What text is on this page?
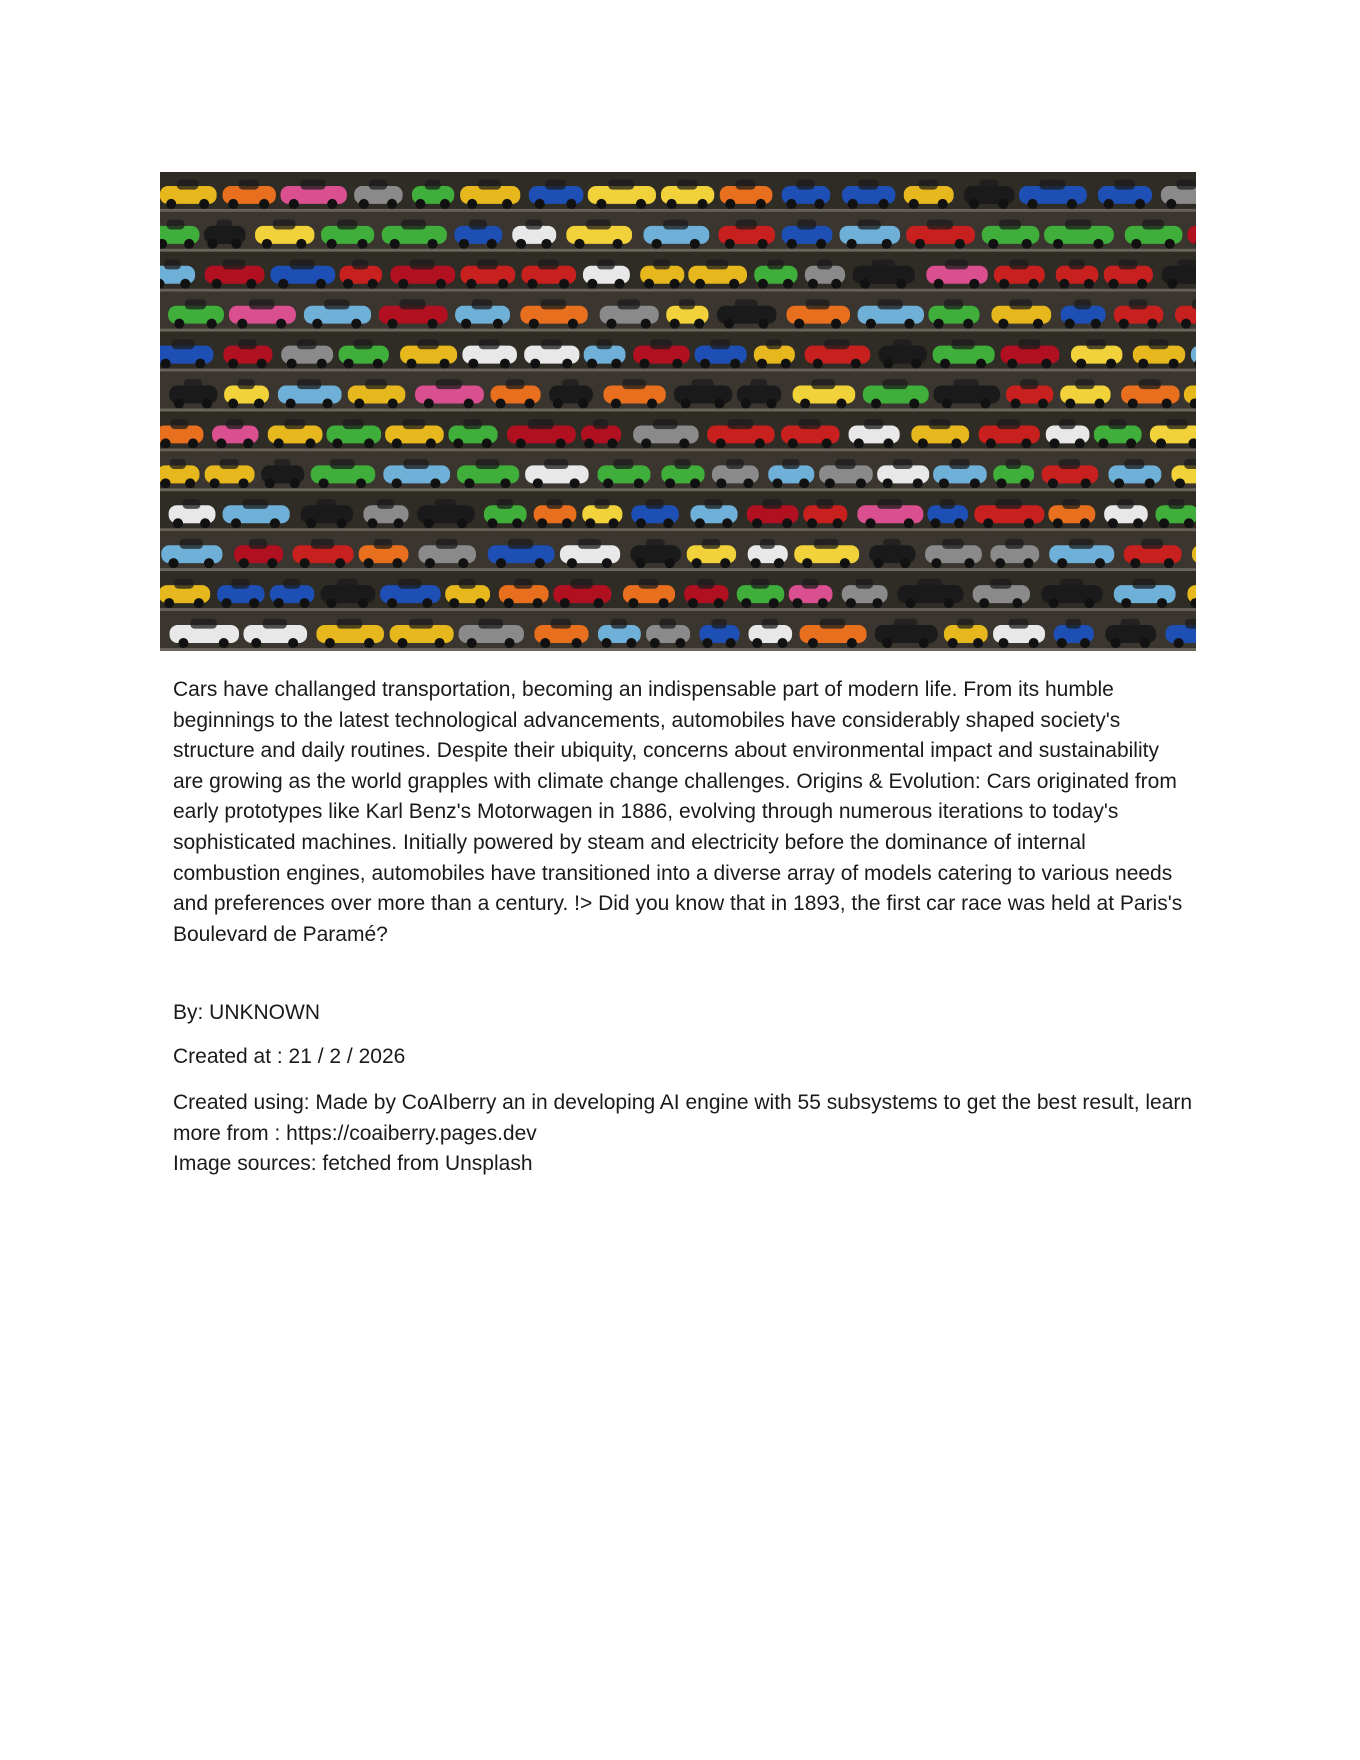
Cars have challanged transportation, becoming an indispensable part of modern life. From its humble beginnings to the latest technological advancements, automobiles have considerably shaped society's structure and daily routines. Despite their ubiquity, concerns about environmental impact and sustainability are growing as the world grapples with climate change challenges. Origins & Evolution: Cars originated from early prototypes like Karl Benz's Motorwagen in 1886, evolving through numerous iterations to today's sophisticated machines. Initially powered by steam and electricity before the dominance of internal combustion engines, automobiles have transitioned into a diverse array of models catering to various needs and preferences over more than a century. !> Did you know that in 1893, the first car race was held at Paris's Boulevard de Paramé?

By: UNKNOWN

Created at : 21 / 2 / 2026

Created using: Made by CoAIberry an in developing AI engine with 55 subsystems to get the best result, learn more from : https://coaiberry.pages.dev
Image sources: fetched from Unsplash
